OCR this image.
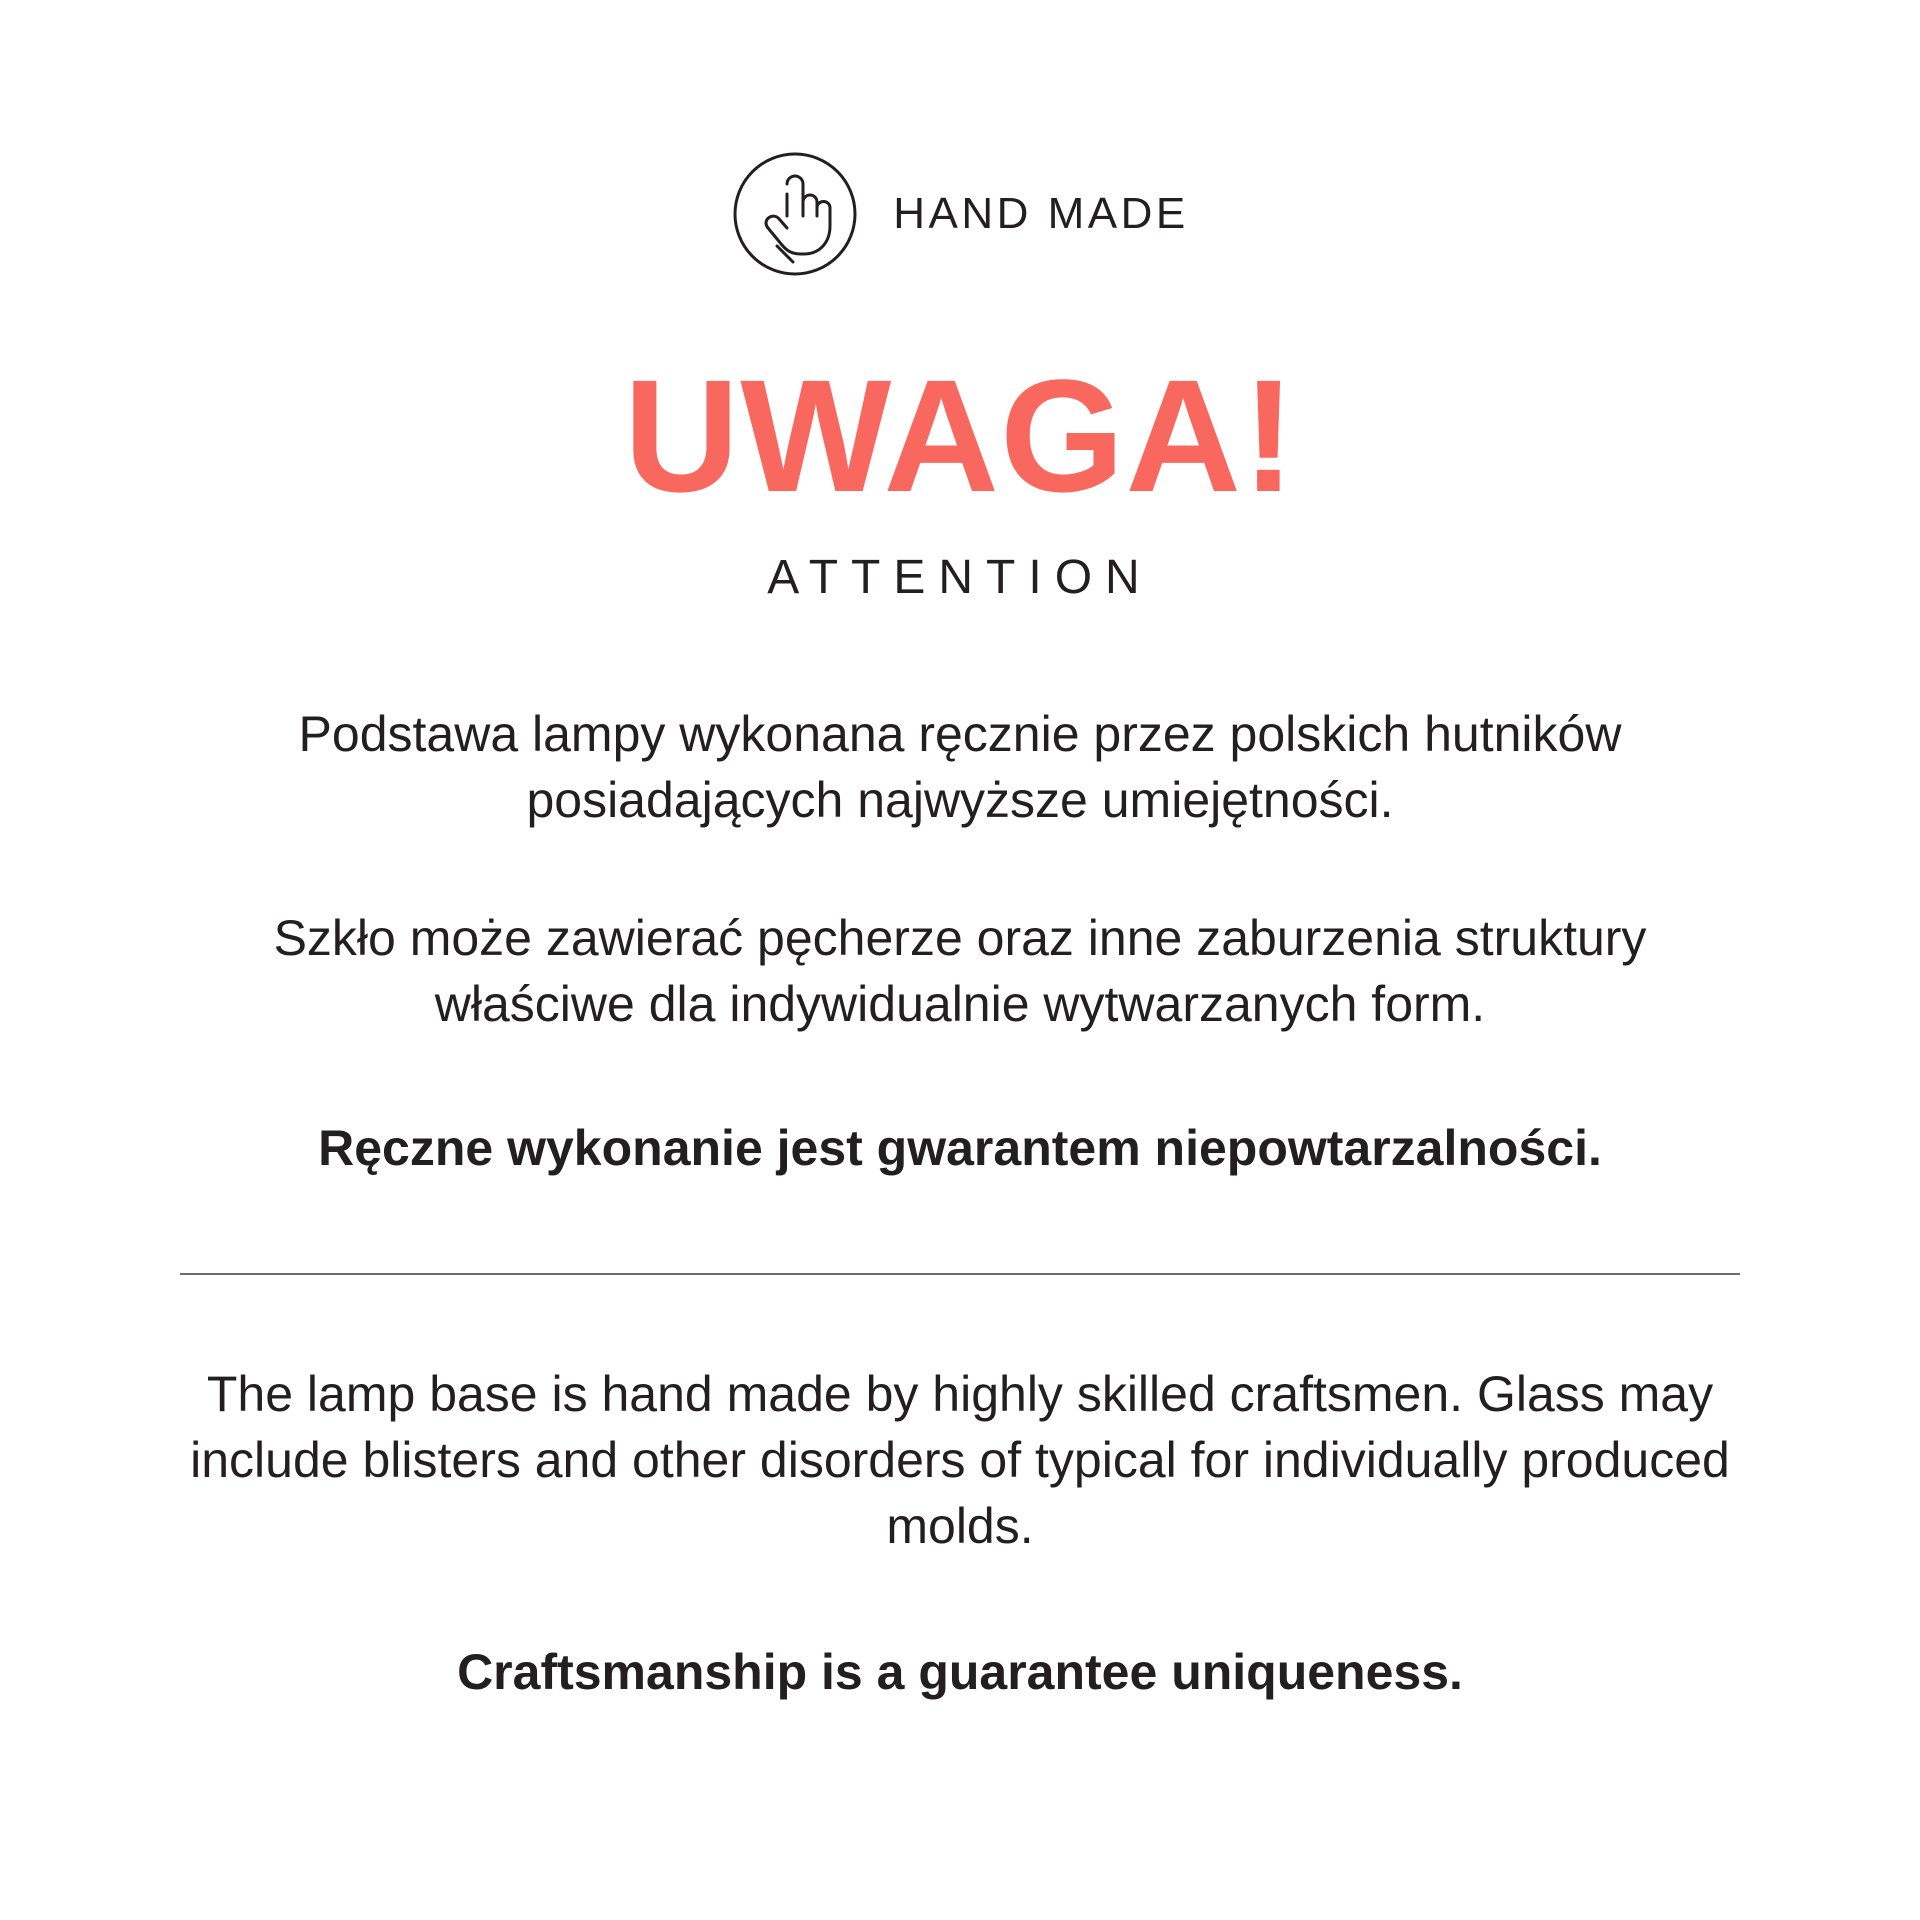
HAND MADE
UWAGA!
ATTENTION
Podstawa lampy wykonana ręcznie przez polskich hutników posiadających najwyższe umiejętności.
Szkło może zawierać pęcherze oraz inne zaburzenia struktury właściwe dla indywidualnie wytwarzanych form.
Ręczne wykonanie jest gwarantem niepowtarzalności.
The lamp base is hand made by highly skilled craftsmen. Glass may include blisters and other disorders of typical for individually produced molds.
Craftsmanship is a guarantee uniqueness.
